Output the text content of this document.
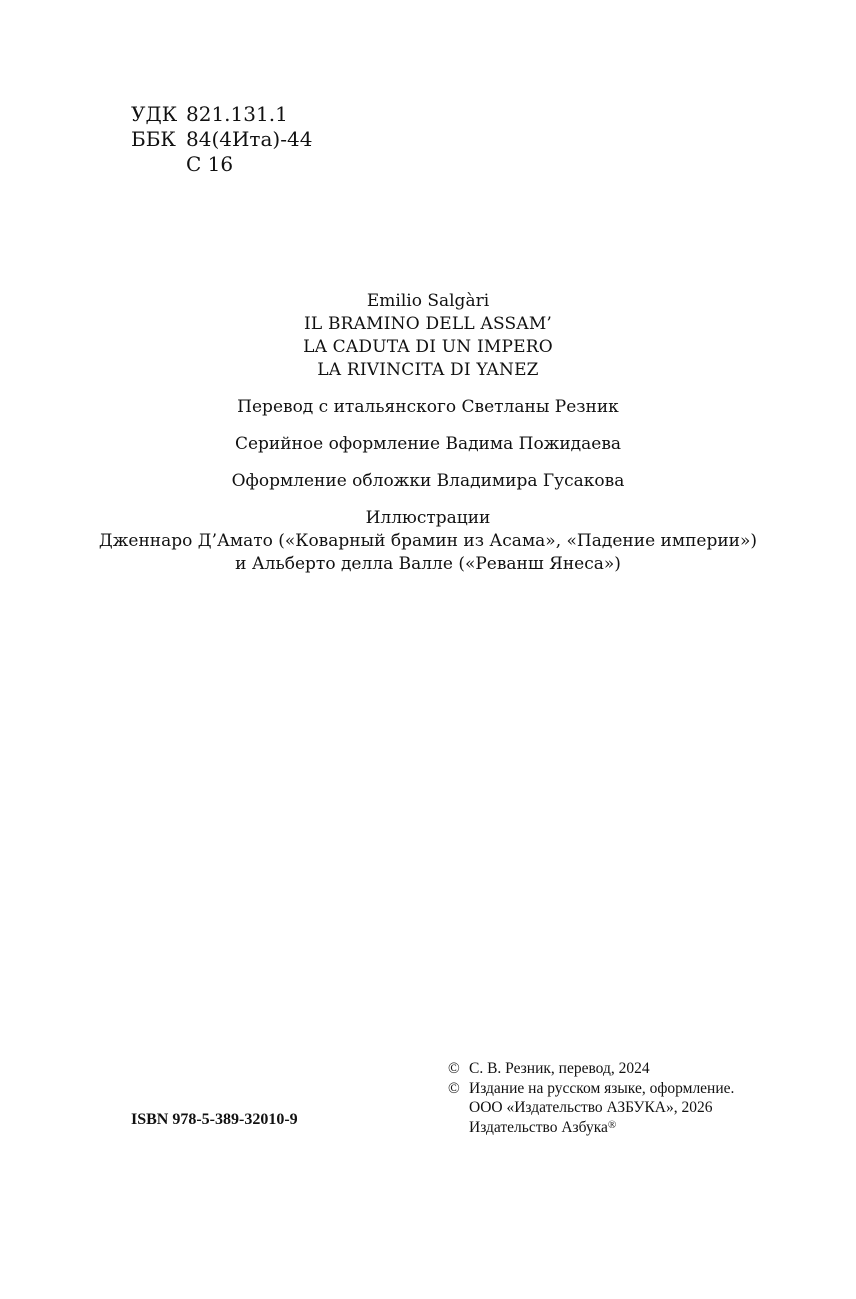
УДК 821.131.1
ББК 84(4Ита)-44
С 16
Emilio Salgàri
IL BRAMINO DELL ASSAM’
LA CADUTA DI UN IMPERO
LA RIVINCITA DI YANEZ
Перевод с итальянского Светланы Резник
Серийное оформление Вадима Пожидаева
Оформление обложки Владимира Гусакова
Иллюстрации
Дженнаро Д’Амато («Коварный брамин из Асама», «Падение империи»)
и Альберто делла Валле («Реванш Янеса»)
ISBN 978-5-389-32010-9
© С. В. Резник, перевод, 2024
© Издание на русском языке, оформление.
ООО «Издательство АЗБУКА», 2026
Издательство Азбука®
